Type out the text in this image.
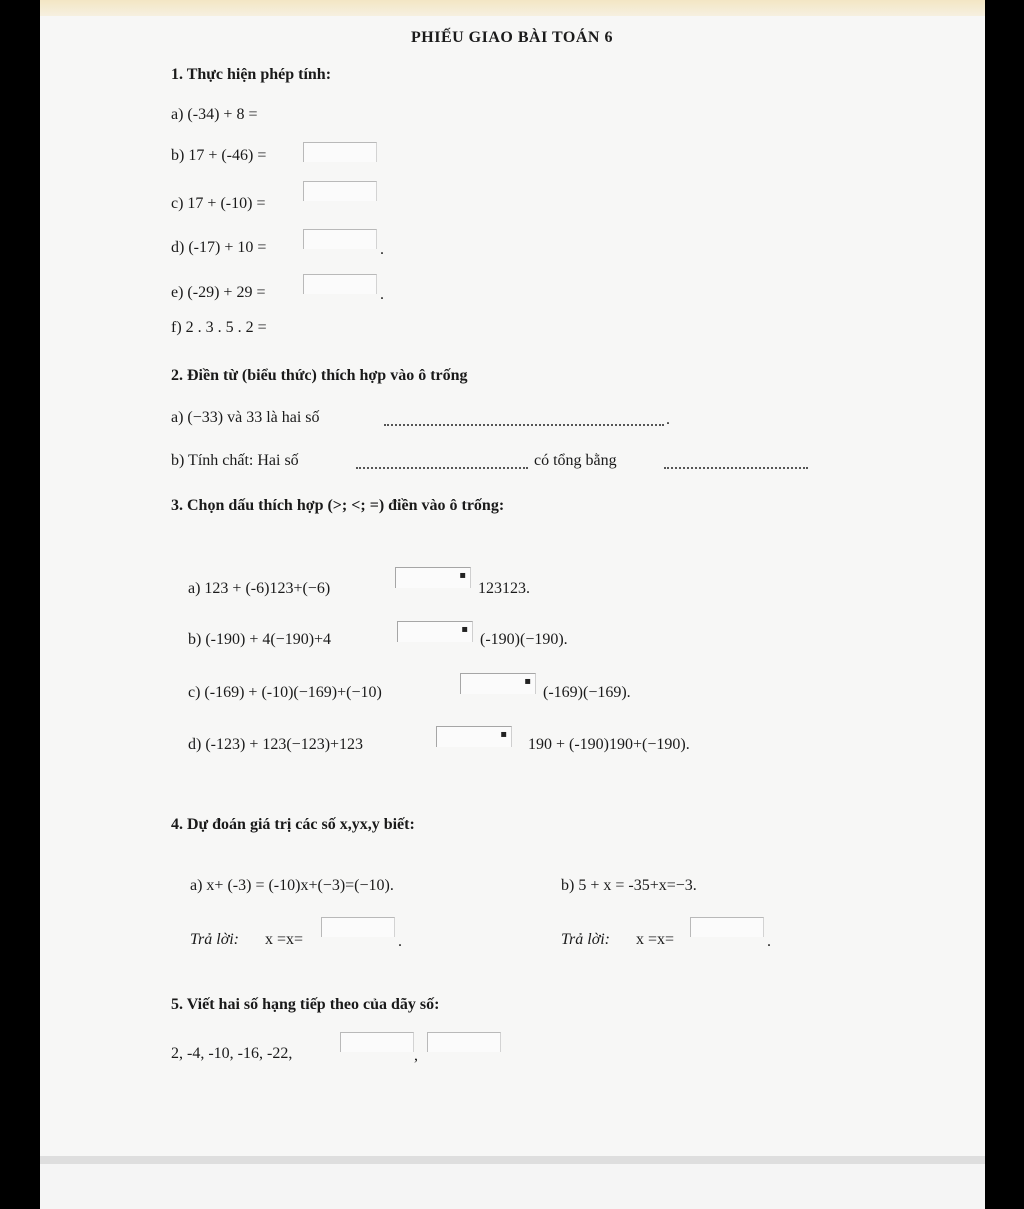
PHIẾU GIAO BÀI TOÁN 6
1. Thực hiện phép tính:
a) (-34) + 8 =
b) 17 + (-46) =
c) 17 + (-10) =
d) (-17) + 10 =	.
e) (-29) + 29 =	.
f) 2 . 3 . 5 . 2 =
2. Điền từ (biểu thức) thích hợp vào ô trống
a) (−33) và 33 là hai số	.
b) Tính chất: Hai số	có tổng bằng
3. Chọn dấu thích hợp (>; <; =) điền vào ô trống:
a) 123 + (-6)123+(−6)
▪
123123.
b) (-190) + 4(−190)+4
▪
(-190)(−190).
c) (-169) + (-10)(−169)+(−10)
▪
(-169)(−169).
d) (-123) + 123(−123)+123
▪
190 + (-190)190+(−190).
4. Dự đoán giá trị các số x,yx,y biết:
a) x+ (-3) = (-10)x+(−3)=(−10).	b) 5 + x = -35+x=−3.
Trả lời: x =x=	.	Trả lời: x =x=	.
5. Viết hai số hạng tiếp theo của dãy số:
2, -4, -10, -16, -22,	,
